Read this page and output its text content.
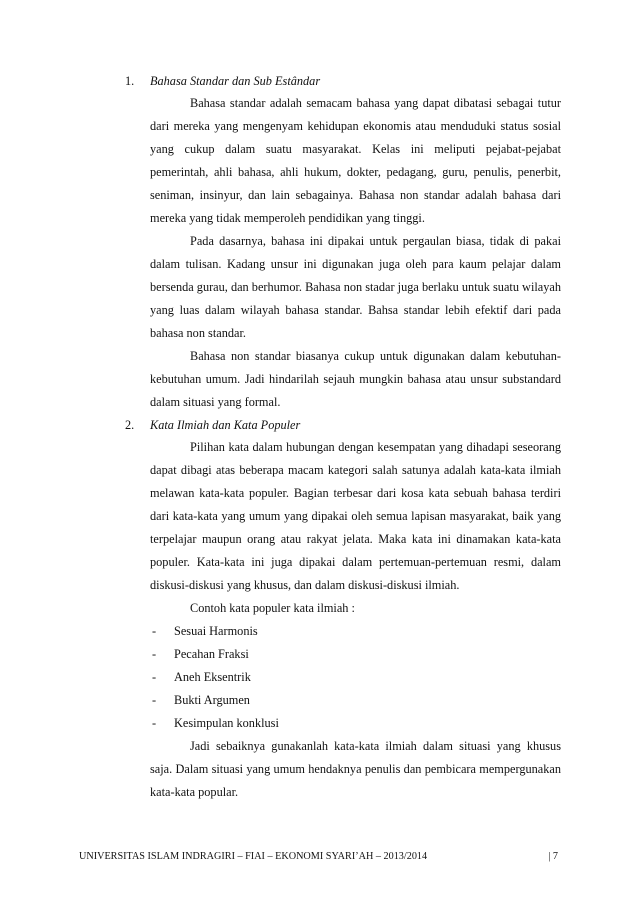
1. Bahasa Standar dan Sub Estândar

Bahasa standar adalah semacam bahasa yang dapat dibatasi sebagai tutur dari mereka yang mengenyam kehidupan ekonomis atau menduduki status sosial yang cukup dalam suatu masyarakat. Kelas ini meliputi pejabat-pejabat pemerintah, ahli bahasa, ahli hukum, dokter, pedagang, guru, penulis, penerbit, seniman, insinyur, dan lain sebagainya. Bahasa non standar adalah bahasa dari mereka yang tidak memperoleh pendidikan yang tinggi.

Pada dasarnya, bahasa ini dipakai untuk pergaulan biasa, tidak di pakai dalam tulisan. Kadang unsur ini digunakan juga oleh para kaum pelajar dalam bersenda gurau, dan berhumor. Bahasa non stadar juga berlaku untuk suatu wilayah yang luas dalam wilayah bahasa standar. Bahsa standar lebih efektif dari pada bahasa non standar.

Bahasa non standar biasanya cukup untuk digunakan dalam kebutuhan-kebutuhan umum. Jadi hindarilah sejauh mungkin bahasa atau unsur substandard dalam situasi yang formal.

2. Kata Ilmiah dan Kata Populer

Pilihan kata dalam hubungan dengan kesempatan yang dihadapi seseorang dapat dibagi atas beberapa macam kategori salah satunya adalah kata-kata ilmiah melawan kata-kata populer. Bagian terbesar dari kosa kata sebuah bahasa terdiri dari kata-kata yang umum yang dipakai oleh semua lapisan masyarakat, baik yang terpelajar maupun orang atau rakyat jelata. Maka kata ini dinamakan kata-kata populer. Kata-kata ini juga dipakai dalam pertemuan-pertemuan resmi, dalam diskusi-diskusi yang khusus, dan dalam diskusi-diskusi ilmiah.

Contoh kata populer kata ilmiah :

- Sesuai Harmonis
- Pecahan Fraksi
- Aneh Eksentrik
- Bukti Argumen
- Kesimpulan konklusi

Jadi sebaiknya gunakanlah kata-kata ilmiah dalam situasi yang khusus saja. Dalam situasi yang umum hendaknya penulis dan pembicara mempergunakan kata-kata popular.

UNIVERSITAS ISLAM INDRAGIRI – FIAI – EKONOMI SYARI’AH – 2013/2014	| 7
